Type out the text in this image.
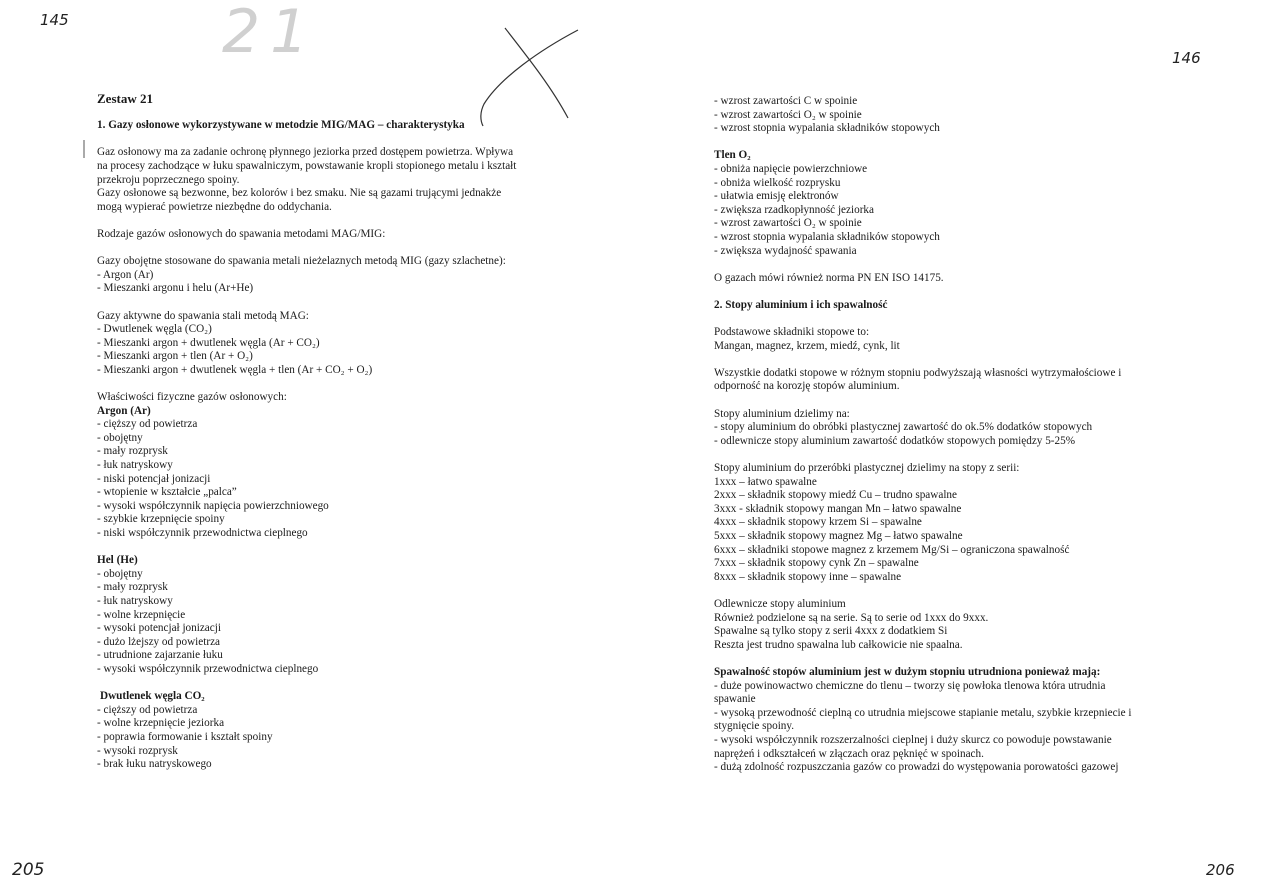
145
146
205	206
21

Zestaw 21

1. Gazy osłonowe wykorzystywane w metodzie MIG/MAG – charakterystyka

Gaz osłonowy ma za zadanie ochronę płynnego jeziorka przed dostępem powietrza. Wpływa

na procesy zachodzące w łuku spawalniczym, powstawanie kropli stopionego metalu i kształt

przekroju poprzecznego spoiny.

Gazy osłonowe są bezwonne, bez kolorów i bez smaku. Nie są gazami trującymi jednakże

mogą wypierać powietrze niezbędne do oddychania.

Rodzaje gazów osłonowych do spawania metodami MAG/MIG:

Gazy obojętne stosowane do spawania metali nieżelaznych metodą MIG (gazy szlachetne):

- Argon (Ar)

- Mieszanki argonu i helu (Ar+He)

Gazy aktywne do spawania stali metodą MAG:

- Dwutlenek węgla (CO₂)

- Mieszanki argon + dwutlenek węgla (Ar + CO₂)

- Mieszanki argon + tlen (Ar + O₂)

- Mieszanki argon + dwutlenek węgla + tlen (Ar + CO₂ + O₂)

Właściwości fizyczne gazów osłonowych:

Argon (Ar)

- cięższy od powietrza

- obojętny

- mały rozprysk

- łuk natryskowy

- niski potencjał jonizacji

- wtopienie w kształcie „palca”

- wysoki współczynnik napięcia powierzchniowego

- szybkie krzepnięcie spoiny

- niski współczynnik przewodnictwa cieplnego

Hel (He)

- obojętny

- mały rozprysk

- łuk natryskowy

- wolne krzepnięcie

- wysoki potencjał jonizacji

- dużo lżejszy od powietrza

- utrudnione zajarzanie łuku

- wysoki współczynnik przewodnictwa cieplnego

Dwutlenek węgla CO₂

- cięższy od powietrza

- wolne krzepnięcie jeziorka

- poprawia formowanie i kształt spoiny

- wysoki rozprysk

- brak łuku natryskowego

- wzrost zawartości C w spoinie

- wzrost zawartości O₂ w spoinie

- wzrost stopnia wypalania składników stopowych

Tlen O₂

- obniża napięcie powierzchniowe

- obniża wielkość rozprysku

- ułatwia emisję elektronów

- zwiększa rzadkopłynność jeziorka

- wzrost zawartości O₂ w spoinie

- wzrost stopnia wypalania składników stopowych

- zwiększa wydajność spawania

O gazach mówi również norma PN EN ISO 14175.

2. Stopy aluminium i ich spawalność

Podstawowe składniki stopowe to:

Mangan, magnez, krzem, miedź, cynk, lit

Wszystkie dodatki stopowe w różnym stopniu podwyższają własności wytrzymałościowe i

odporność na korozję stopów aluminium.

Stopy aluminium dzielimy na:

- stopy aluminium do obróbki plastycznej zawartość do ok.5% dodatków stopowych

- odlewnicze stopy aluminium zawartość dodatków stopowych pomiędzy 5-25%

Stopy aluminium do przeróbki plastycznej dzielimy na stopy z serii:

1xxx – łatwo spawalne

2xxx – składnik stopowy miedź Cu – trudno spawalne

3xxx - składnik stopowy mangan Mn – łatwo spawalne

4xxx – składnik stopowy krzem Si – spawalne

5xxx – składnik stopowy magnez Mg – łatwo spawalne

6xxx – składniki stopowe magnez z krzemem Mg/Si – ograniczona spawalność

7xxx – składnik stopowy cynk Zn – spawalne

8xxx – składnik stopowy inne – spawalne

Odlewnicze stopy aluminium

Również podzielone są na serie. Są to serie od 1xxx do 9xxx.

Spawalne są tylko stopy z serii 4xxx z dodatkiem Si

Reszta jest trudno spawalna lub całkowicie nie spaalna.

Spawalność stopów aluminium jest w dużym stopniu utrudniona ponieważ mają:

- duże powinowactwo chemiczne do tlenu – tworzy się powłoka tlenowa która utrudnia

spawanie

- wysoką przewodność cieplną co utrudnia miejscowe stapianie metalu, szybkie krzepniecie i

stygnięcie spoiny.

- wysoki współczynnik rozszerzalności cieplnej i duży skurcz co powoduje powstawanie

naprężeń i odkształceń w złączach oraz pęknięć w spoinach.

- dużą zdolność rozpuszczania gazów co prowadzi do występowania porowatości gazowej
